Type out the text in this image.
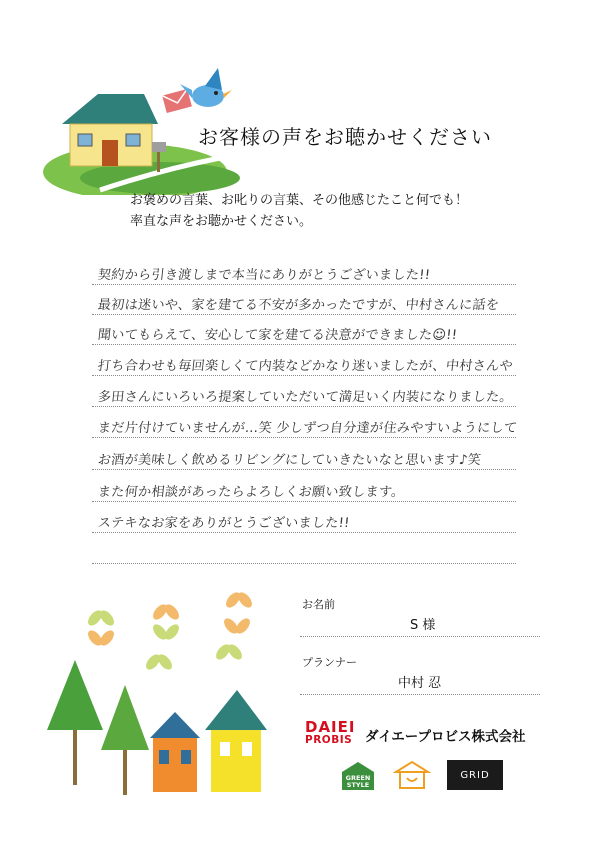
お客様の声をお聴かせください
お褒めの言葉、お叱りの言葉、その他感じたこと何でも！
率直な声をお聴かせください。
契約から引き渡しまで本当にありがとうございました!!
最初は迷いや、家を建てる不安が多かったですが、中村さんに話を
聞いてもらえて、安心して家を建てる決意ができました☺!!
打ち合わせも毎回楽しくて内装などかなり迷いましたが、中村さんや
多田さんにいろいろ提案していただいて満足いく内装になりました。
まだ片付けていませんが…笑 少しずつ自分達が住みやすいようにして
お酒が美味しく飲めるリビングにしていきたいなと思います♪笑
また何か相談があったらよろしくお願い致します。
ステキなお家をありがとうございました!!
お名前
S 様
プランナー
中村 忍
DAIEI
PROBIS ダイエープロビス株式会社
GREEN
STYLE
GRID
